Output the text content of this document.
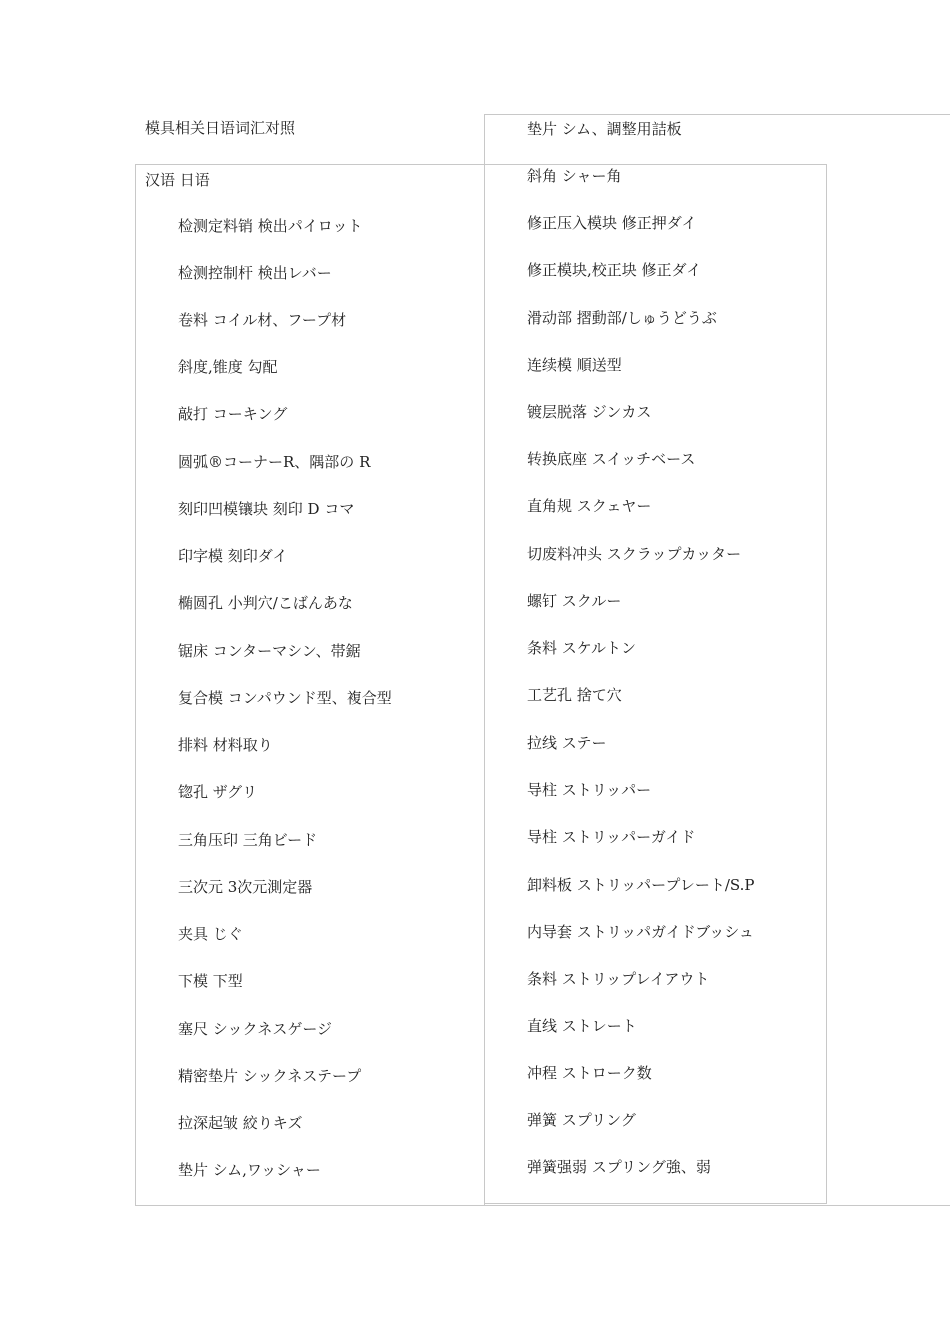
模具相关日语词汇对照
汉语 日语
检测定料销 検出パイロット
检测控制杆 検出レバー
卷料 コイル材、フープ材
斜度,锥度 勾配
敲打 コーキング
圆弧®コーナーR、隅部の R
刻印凹模镶块 刻印 D コマ
印字模 刻印ダイ
椭圆孔 小判穴/こばんあな
锯床 コンターマシン、帯鋸
复合模 コンパウンド型、複合型
排料 材料取り
锪孔 ザグリ
三角压印 三角ビード
三次元 3次元測定器
夹具 じぐ
下模 下型
塞尺 シックネスゲージ
精密垫片 シックネステープ
拉深起皱 絞りキズ
垫片 シム,ワッシャー
垫片 シム、調整用詰板
斜角 シャー角
修正压入模块 修正押ダイ
修正模块,校正块 修正ダイ
滑动部 摺動部/しゅうどうぶ
连续模 順送型
镀层脱落 ジンカス
转换底座 スイッチベース
直角规 スクェヤー
切废料冲头 スクラップカッター
螺钉 スクルー
条料 スケルトン
工艺孔 捨て穴
拉线 ステー
导柱 ストリッパー
导柱 ストリッパーガイド
卸料板 ストリッパープレート/S.P
内导套 ストリッパガイドブッシュ
条料 ストリップレイアウト
直线 ストレート
冲程 ストローク数
弹簧 スプリング
弹簧强弱 スプリング強、弱
